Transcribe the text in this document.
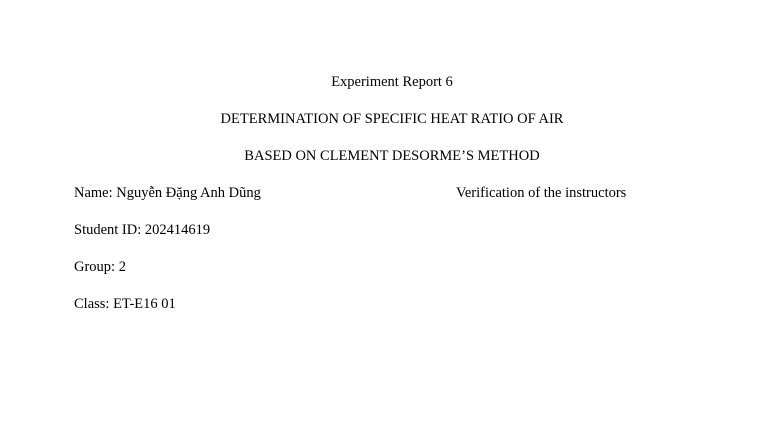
Experiment Report 6
DETERMINATION OF SPECIFIC HEAT RATIO OF AIR
BASED ON CLEMENT DESORME’S METHOD

Name: Nguyễn Đặng Anh Dũng	Verification of the instructors

Student ID: 202414619

Group: 2

Class: ET-E16 01
